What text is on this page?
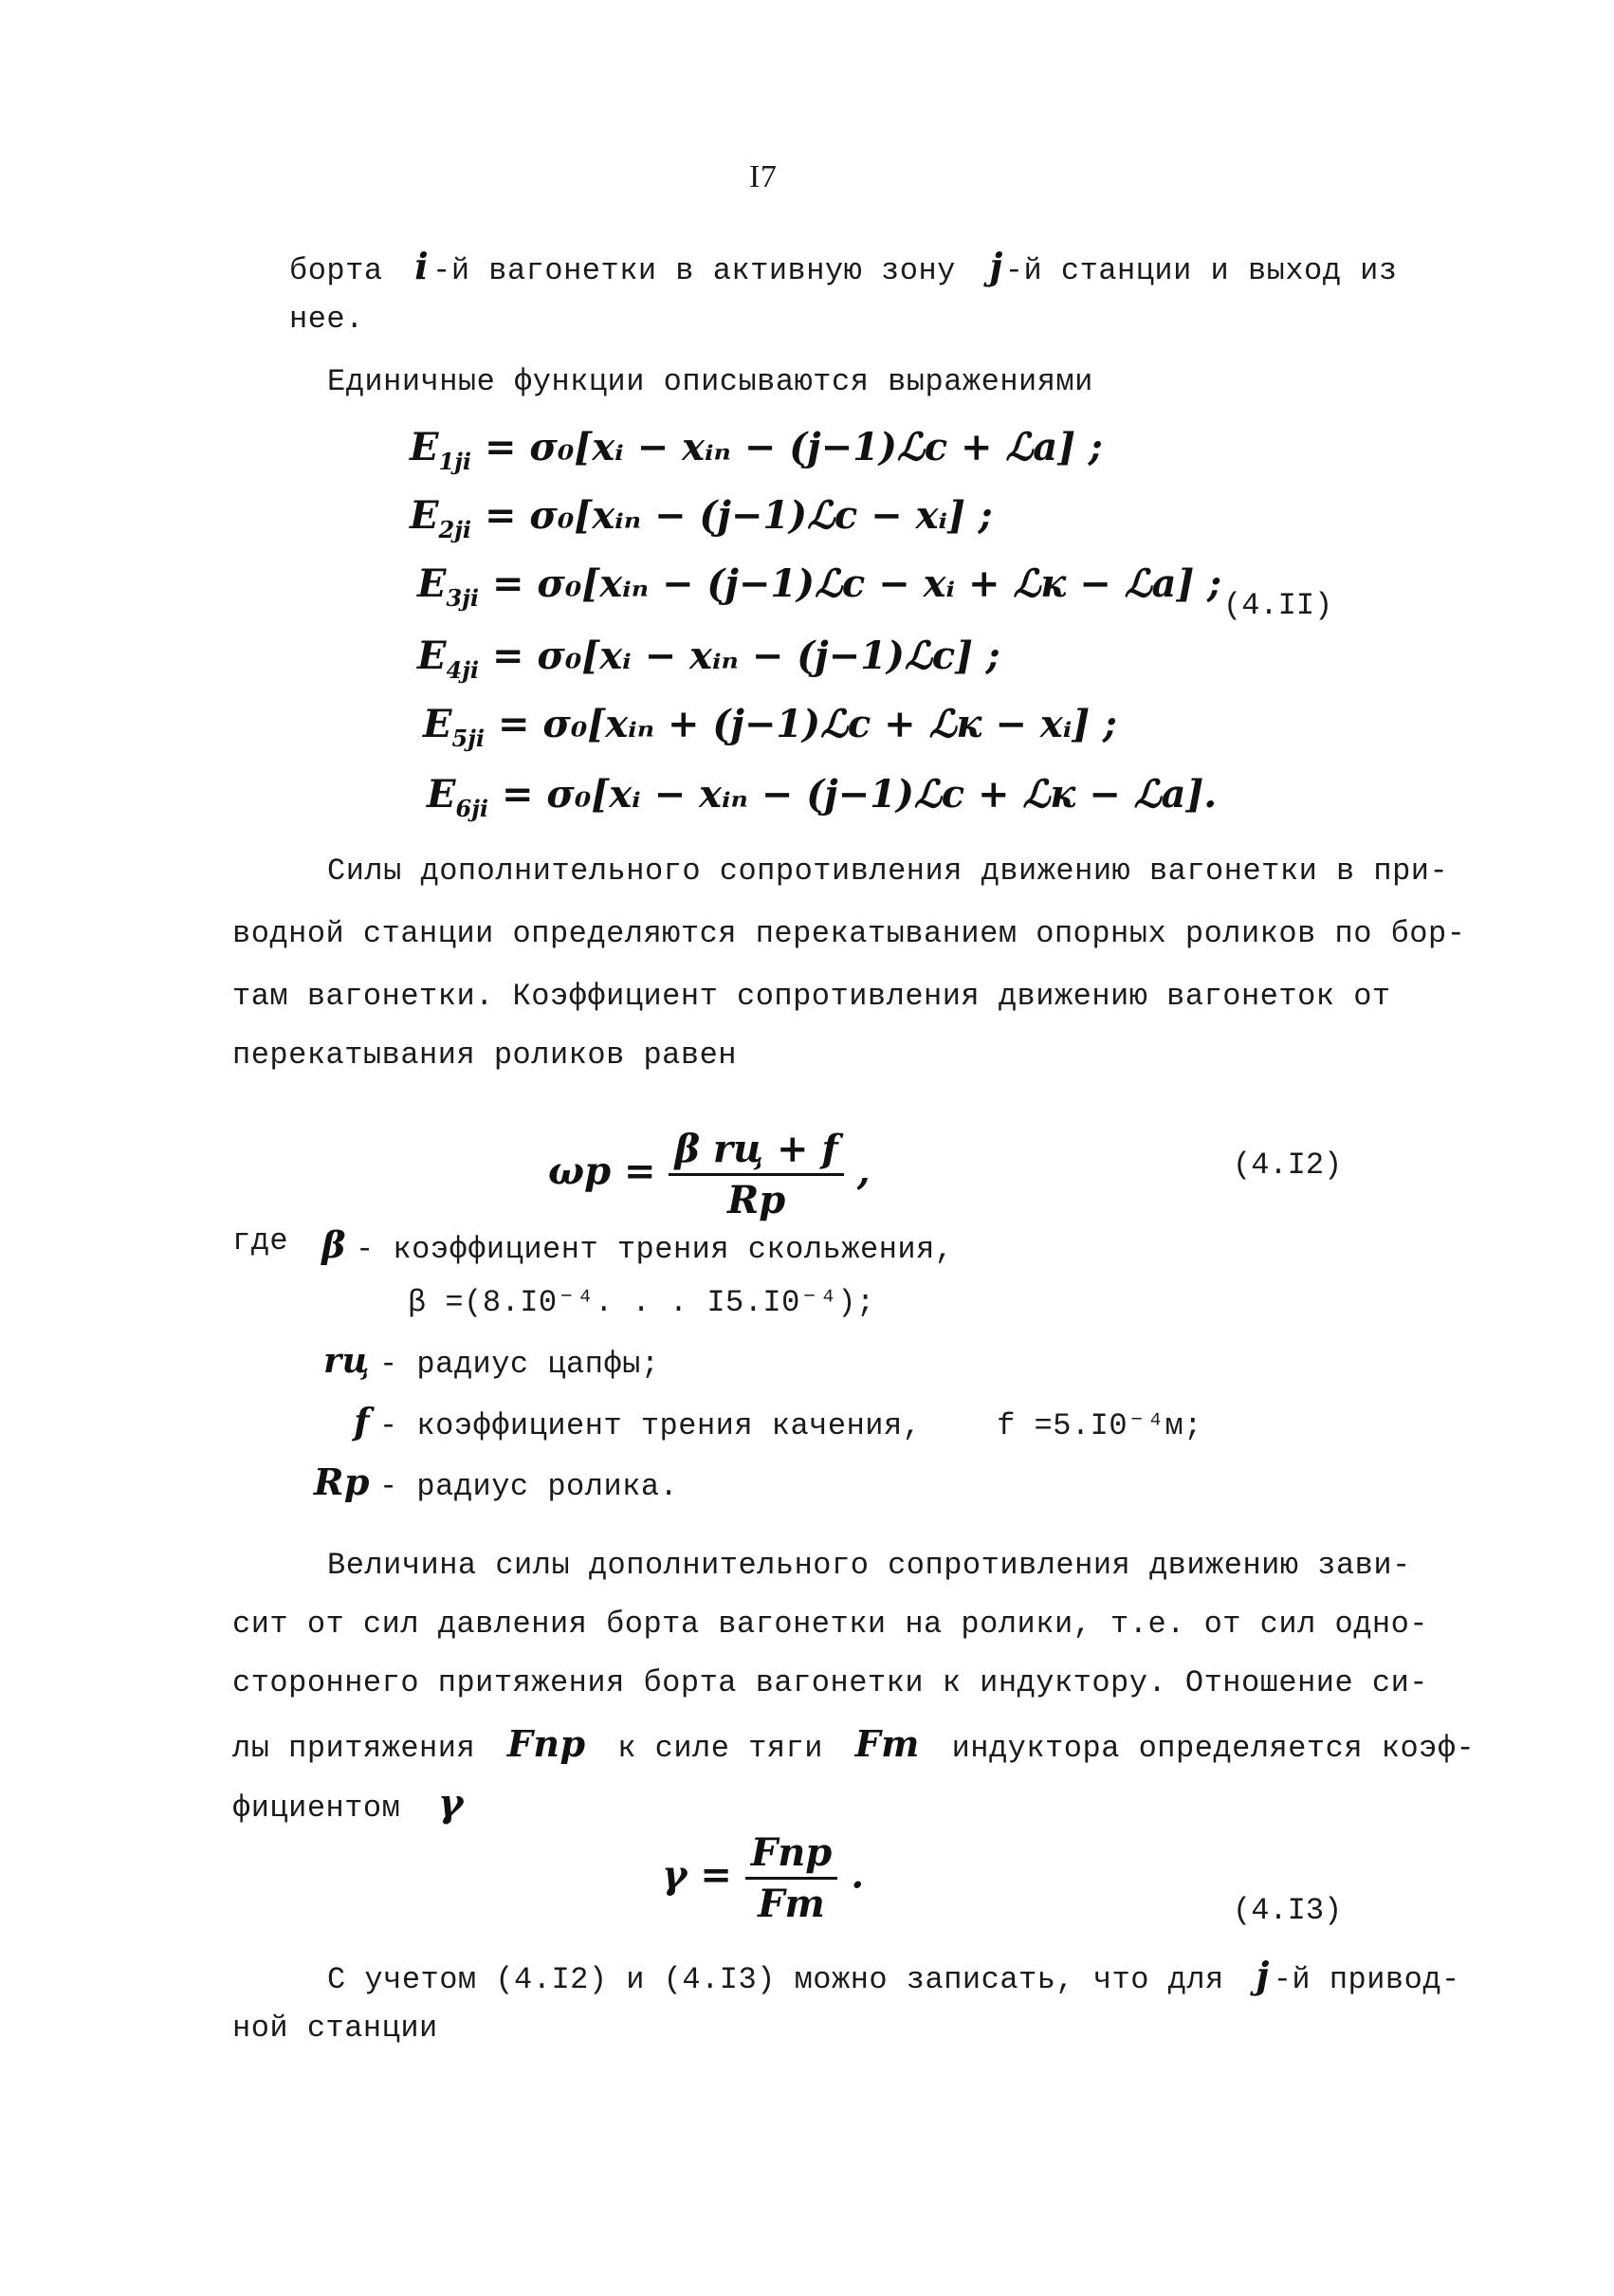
I7
борта i -й вагонетки в активную зону j-й станции и выход из
нее.
Единичные функции описываются выражениями
$E_{1ji}$ = σ₀[xᵢ − xᵢₙ − (j−1)ℒc + ℒa] ;
$E_{2ji}$ = σ₀[xᵢₙ − (j−1)ℒc − xᵢ] ;
$E_{3ji}$ = σ₀[xᵢₙ − (j−1)ℒc − xᵢ + ℒк − ℒa] ;
$E_{4ji}$ = σ₀[xᵢ − xᵢₙ − (j−1)ℒc] ;
$E_{5ji}$ = σ₀[xᵢₙ + (j−1)ℒc + ℒк − xᵢ] ;
$E_{6ji}$ = σ₀[xᵢ − xᵢₙ − (j−1)ℒc + ℒк − ℒa].
(4.II)
Силы дополнительного сопротивления движению вагонетки в при-
водной станции определяются перекатыванием опорных роликов по бор-
там вагонетки. Коэффициент сопротивления движению вагонеток от
перекатывания роликов равен
$\omega p = \frac{\text{β rц + f}}{Rp}$ ,	(4.I2)
где β - коэффициент трения скольжения,
β =(8.I0⁻⁴. . . I5.I0⁻⁴);
rц - радиус цапфы;
f - коэффициент трения качения, f =5.I0⁻⁴м;
Rp - радиус ролика.
Величина силы дополнительного сопротивления движению зави-
сит от сил давления борта вагонетки на ролики, т.е. от сил одно-
стороннего притяжения борта вагонетки к индуктору. Отношение си-
лы притяжения Fпр к силе тяги Fт индуктора определяется коэф-
фициентом γ
$\gamma = \frac{\text{Fпр}}{Fт}$ .
(4.I3)
С учетом (4.I2) и (4.I3) можно записать, что для j -й привод-
ной станции
